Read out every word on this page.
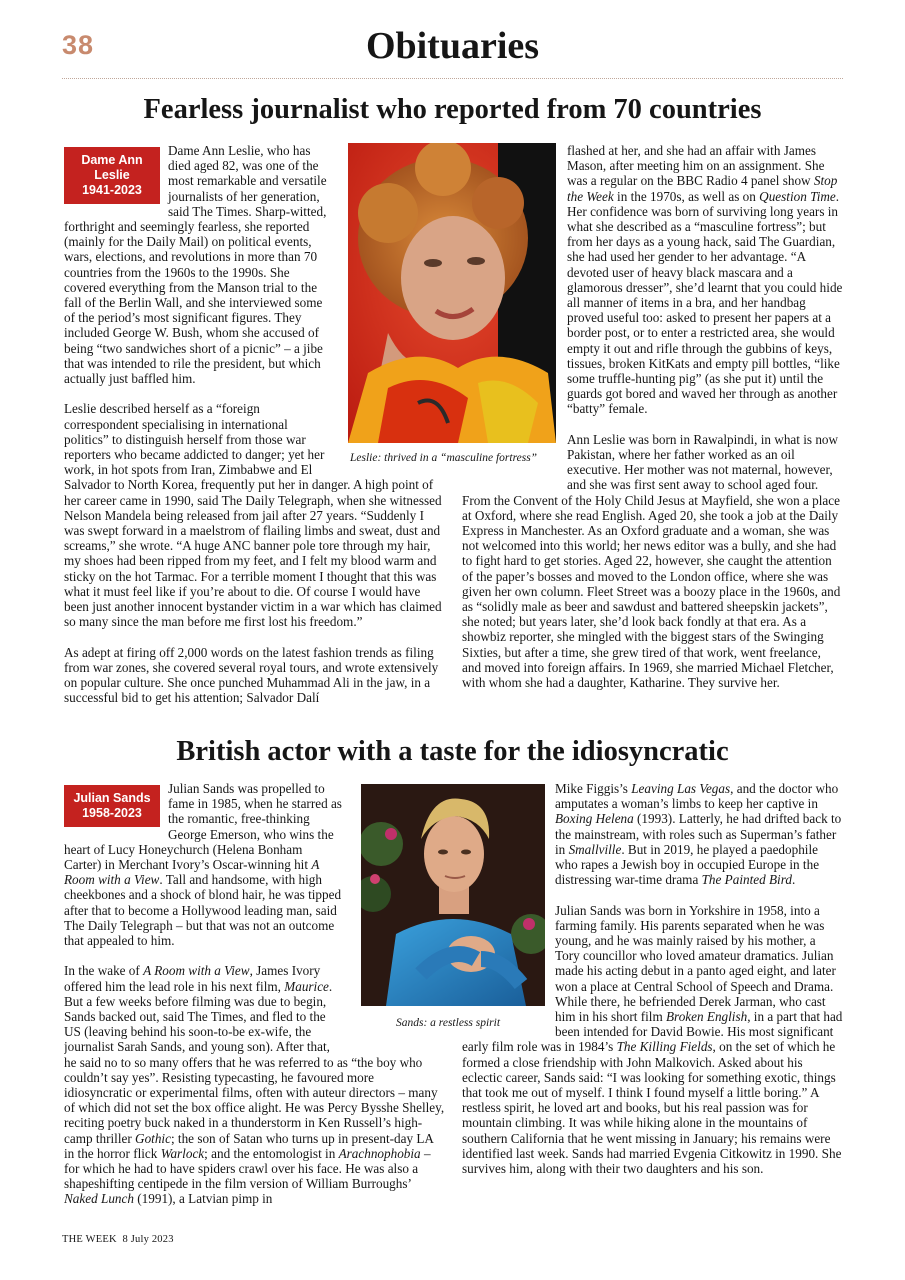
38	Obituaries
Fearless journalist who reported from 70 countries
Leslie: thrived in a “masculine fortress”
Dame Ann Leslie
1941-2023

Dame Ann Leslie, who has died aged 82, was one of the most remarkable and versatile journalists of her generation, said The Times. Sharp-witted, forthright and seemingly fearless, she reported (mainly for the Daily Mail) on political events, wars, elections, and revolutions in more than 70 countries from the 1960s to the 1990s. She covered everything from the Manson trial to the fall of the Berlin Wall, and she interviewed some of the period’s most significant figures. They included George W. Bush, whom she accused of being “two sandwiches short of a picnic” – a jibe that was intended to rile the president, but which actually just baffled him.

Leslie described herself as a “foreign correspondent specialising in international politics” to distinguish herself from those war reporters who became addicted to danger; yet her work, in hot spots from Iran, Zimbabwe and El Salvador to North Korea, frequently put her in danger. A high point of her career came in 1990, said The Daily Telegraph, when she witnessed Nelson Mandela being released from jail after 27 years. “Suddenly I was swept forward in a maelstrom of flailing limbs and sweat, dust and screams,” she wrote. “A huge ANC banner pole tore through my hair, my shoes had been ripped from my feet, and I felt my blood warm and sticky on the hot Tarmac. For a terrible moment I thought that this was what it must feel like if you’re about to die. Of course I would have been just another innocent bystander victim in a war which has claimed so many since the man before me first lost his freedom.”

As adept at firing off 2,000 words on the latest fashion trends as filing from war zones, she covered several royal tours, and wrote extensively on popular culture. She once punched Muhammad Ali in the jaw, in a successful bid to get his attention; Salvador Dalí

flashed at her, and she had an affair with James Mason, after meeting him on an assignment. She was a regular on the BBC Radio 4 panel show Stop the Week in the 1970s, as well as on Question Time. Her confidence was born of surviving long years in what she described as a “masculine fortress”; but from her days as a young hack, said The Guardian, she had used her gender to her advantage. “A devoted user of heavy black mascara and a glamorous dresser”, she’d learnt that you could hide all manner of items in a bra, and her handbag proved useful too: asked to present her papers at a border post, or to enter a restricted area, she would empty it out and rifle through the gubbins of keys, tissues, broken KitKats and empty pill bottles, “like some truffle-hunting pig” (as she put it) until the guards got bored and waved her through as another “batty” female.

Ann Leslie was born in Rawalpindi, in what is now Pakistan, where her father worked as an oil executive. Her mother was not maternal, however, and she was first sent away to school aged four. From the Convent of the Holy Child Jesus at Mayfield, she won a place at Oxford, where she read English. Aged 20, she took a job at the Daily Express in Manchester. As an Oxford graduate and a woman, she was not welcomed into this world; her news editor was a bully, and she had to fight hard to get stories. Aged 22, however, she caught the attention of the paper’s bosses and moved to the London office, where she was given her own column. Fleet Street was a boozy place in the 1960s, and as “solidly male as beer and sawdust and battered sheepskin jackets”, she noted; but years later, she’d look back fondly at that era. As a showbiz reporter, she mingled with the biggest stars of the Swinging Sixties, but after a time, she grew tired of that work, went freelance, and moved into foreign affairs. In 1969, she married Michael Fletcher, with whom she had a daughter, Katharine. They survive her.

British actor with a taste for the idiosyncratic
Sands: a restless spirit
Julian Sands
1958-2023

Julian Sands was propelled to fame in 1985, when he starred as the romantic, free-thinking George Emerson, who wins the heart of Lucy Honeychurch (Helena Bonham Carter) in Merchant Ivory’s Oscar-winning hit A Room with a View. Tall and handsome, with high cheekbones and a shock of blond hair, he was tipped after that to become a Hollywood leading man, said The Daily Telegraph – but that was not an outcome that appealed to him.

In the wake of A Room with a View, James Ivory offered him the lead role in his next film, Maurice. But a few weeks before filming was due to begin, Sands backed out, said The Times, and fled to the US (leaving behind his soon-to-be ex-wife, the journalist Sarah Sands, and young son). After that, he said no to so many offers that he was referred to as “the boy who couldn’t say yes”. Resisting typecasting, he favoured more idiosyncratic or experimental films, often with auteur directors – many of which did not set the box office alight. He was Percy Bysshe Shelley, reciting poetry buck naked in a thunderstorm in Ken Russell’s high-camp thriller Gothic; the son of Satan who turns up in present-day LA in the horror flick Warlock; and the entomologist in Arachnophobia – for which he had to have spiders crawl over his face. He was also a shapeshifting centipede in the film version of William Burroughs’ Naked Lunch (1991), a Latvian pimp in

Mike Figgis’s Leaving Las Vegas, and the doctor who amputates a woman’s limbs to keep her captive in Boxing Helena (1993). Latterly, he had drifted back to the mainstream, with roles such as Superman’s father in Smallville. But in 2019, he played a paedophile who rapes a Jewish boy in occupied Europe in the distressing war-time drama The Painted Bird.

Julian Sands was born in Yorkshire in 1958, into a farming family. His parents separated when he was young, and he was mainly raised by his mother, a Tory councillor who loved amateur dramatics. Julian made his acting debut in a panto aged eight, and later won a place at Central School of Speech and Drama. While there, he befriended Derek Jarman, who cast him in his short film Broken English, in a part that had been intended for David Bowie. His most significant early film role was in 1984’s The Killing Fields, on the set of which he formed a close friendship with John Malkovich. Asked about his eclectic career, Sands said: “I was looking for something exotic, things that took me out of myself. I think I found myself a little boring.” A restless spirit, he loved art and books, but his real passion was for mountain climbing. It was while hiking alone in the mountains of southern California that he went missing in January; his remains were identified last week. Sands had married Evgenia Citkowitz in 1990. She survives him, along with their two daughters and his son.

THE WEEK 8 July 2023
